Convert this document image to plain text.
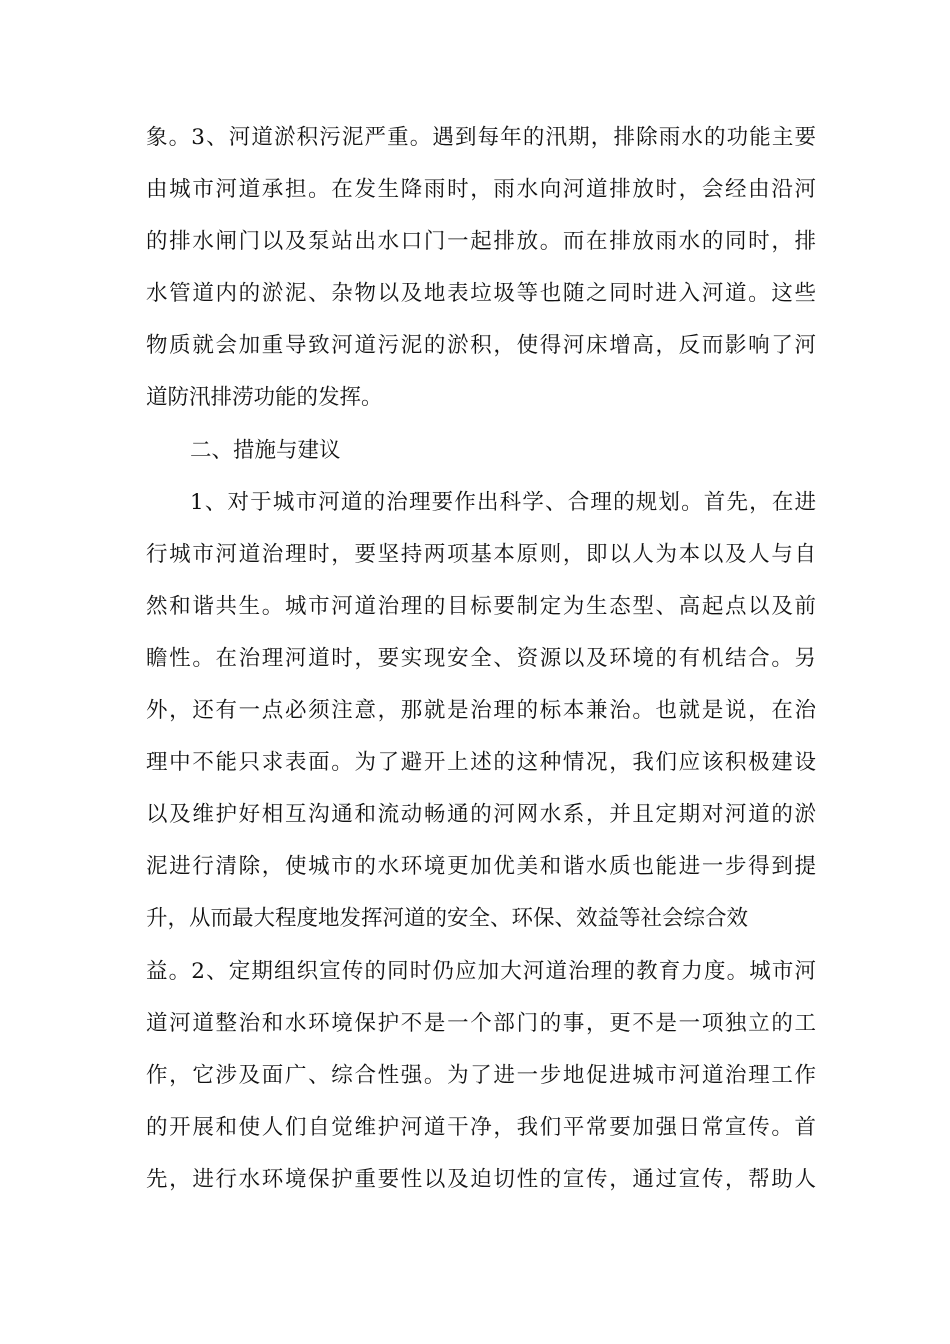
象。3、河道淤积污泥严重。遇到每年的汛期，排除雨水的功能主要
由城市河道承担。在发生降雨时，雨水向河道排放时，会经由沿河
的排水闸门以及泵站出水口门一起排放。而在排放雨水的同时，排
水管道内的淤泥、杂物以及地表垃圾等也随之同时进入河道。这些
物质就会加重导致河道污泥的淤积，使得河床增高，反而影响了河
道防汛排涝功能的发挥。
二、措施与建议
1、对于城市河道的治理要作出科学、合理的规划。首先，在进
行城市河道治理时，要坚持两项基本原则，即以人为本以及人与自
然和谐共生。城市河道治理的目标要制定为生态型、高起点以及前
瞻性。在治理河道时，要实现安全、资源以及环境的有机结合。另
外，还有一点必须注意，那就是治理的标本兼治。也就是说，在治
理中不能只求表面。为了避开上述的这种情况，我们应该积极建设
以及维护好相互沟通和流动畅通的河网水系，并且定期对河道的淤
泥进行清除，使城市的水环境更加优美和谐水质也能进一步得到提
升，从而最大程度地发挥河道的安全、环保、效益等社会综合效
益。2、定期组织宣传的同时仍应加大河道治理的教育力度。城市河
道河道整治和水环境保护不是一个部门的事，更不是一项独立的工
作，它涉及面广、综合性强。为了进一步地促进城市河道治理工作
的开展和使人们自觉维护河道干净，我们平常要加强日常宣传。首
先，进行水环境保护重要性以及迫切性的宣传，通过宣传，帮助人
